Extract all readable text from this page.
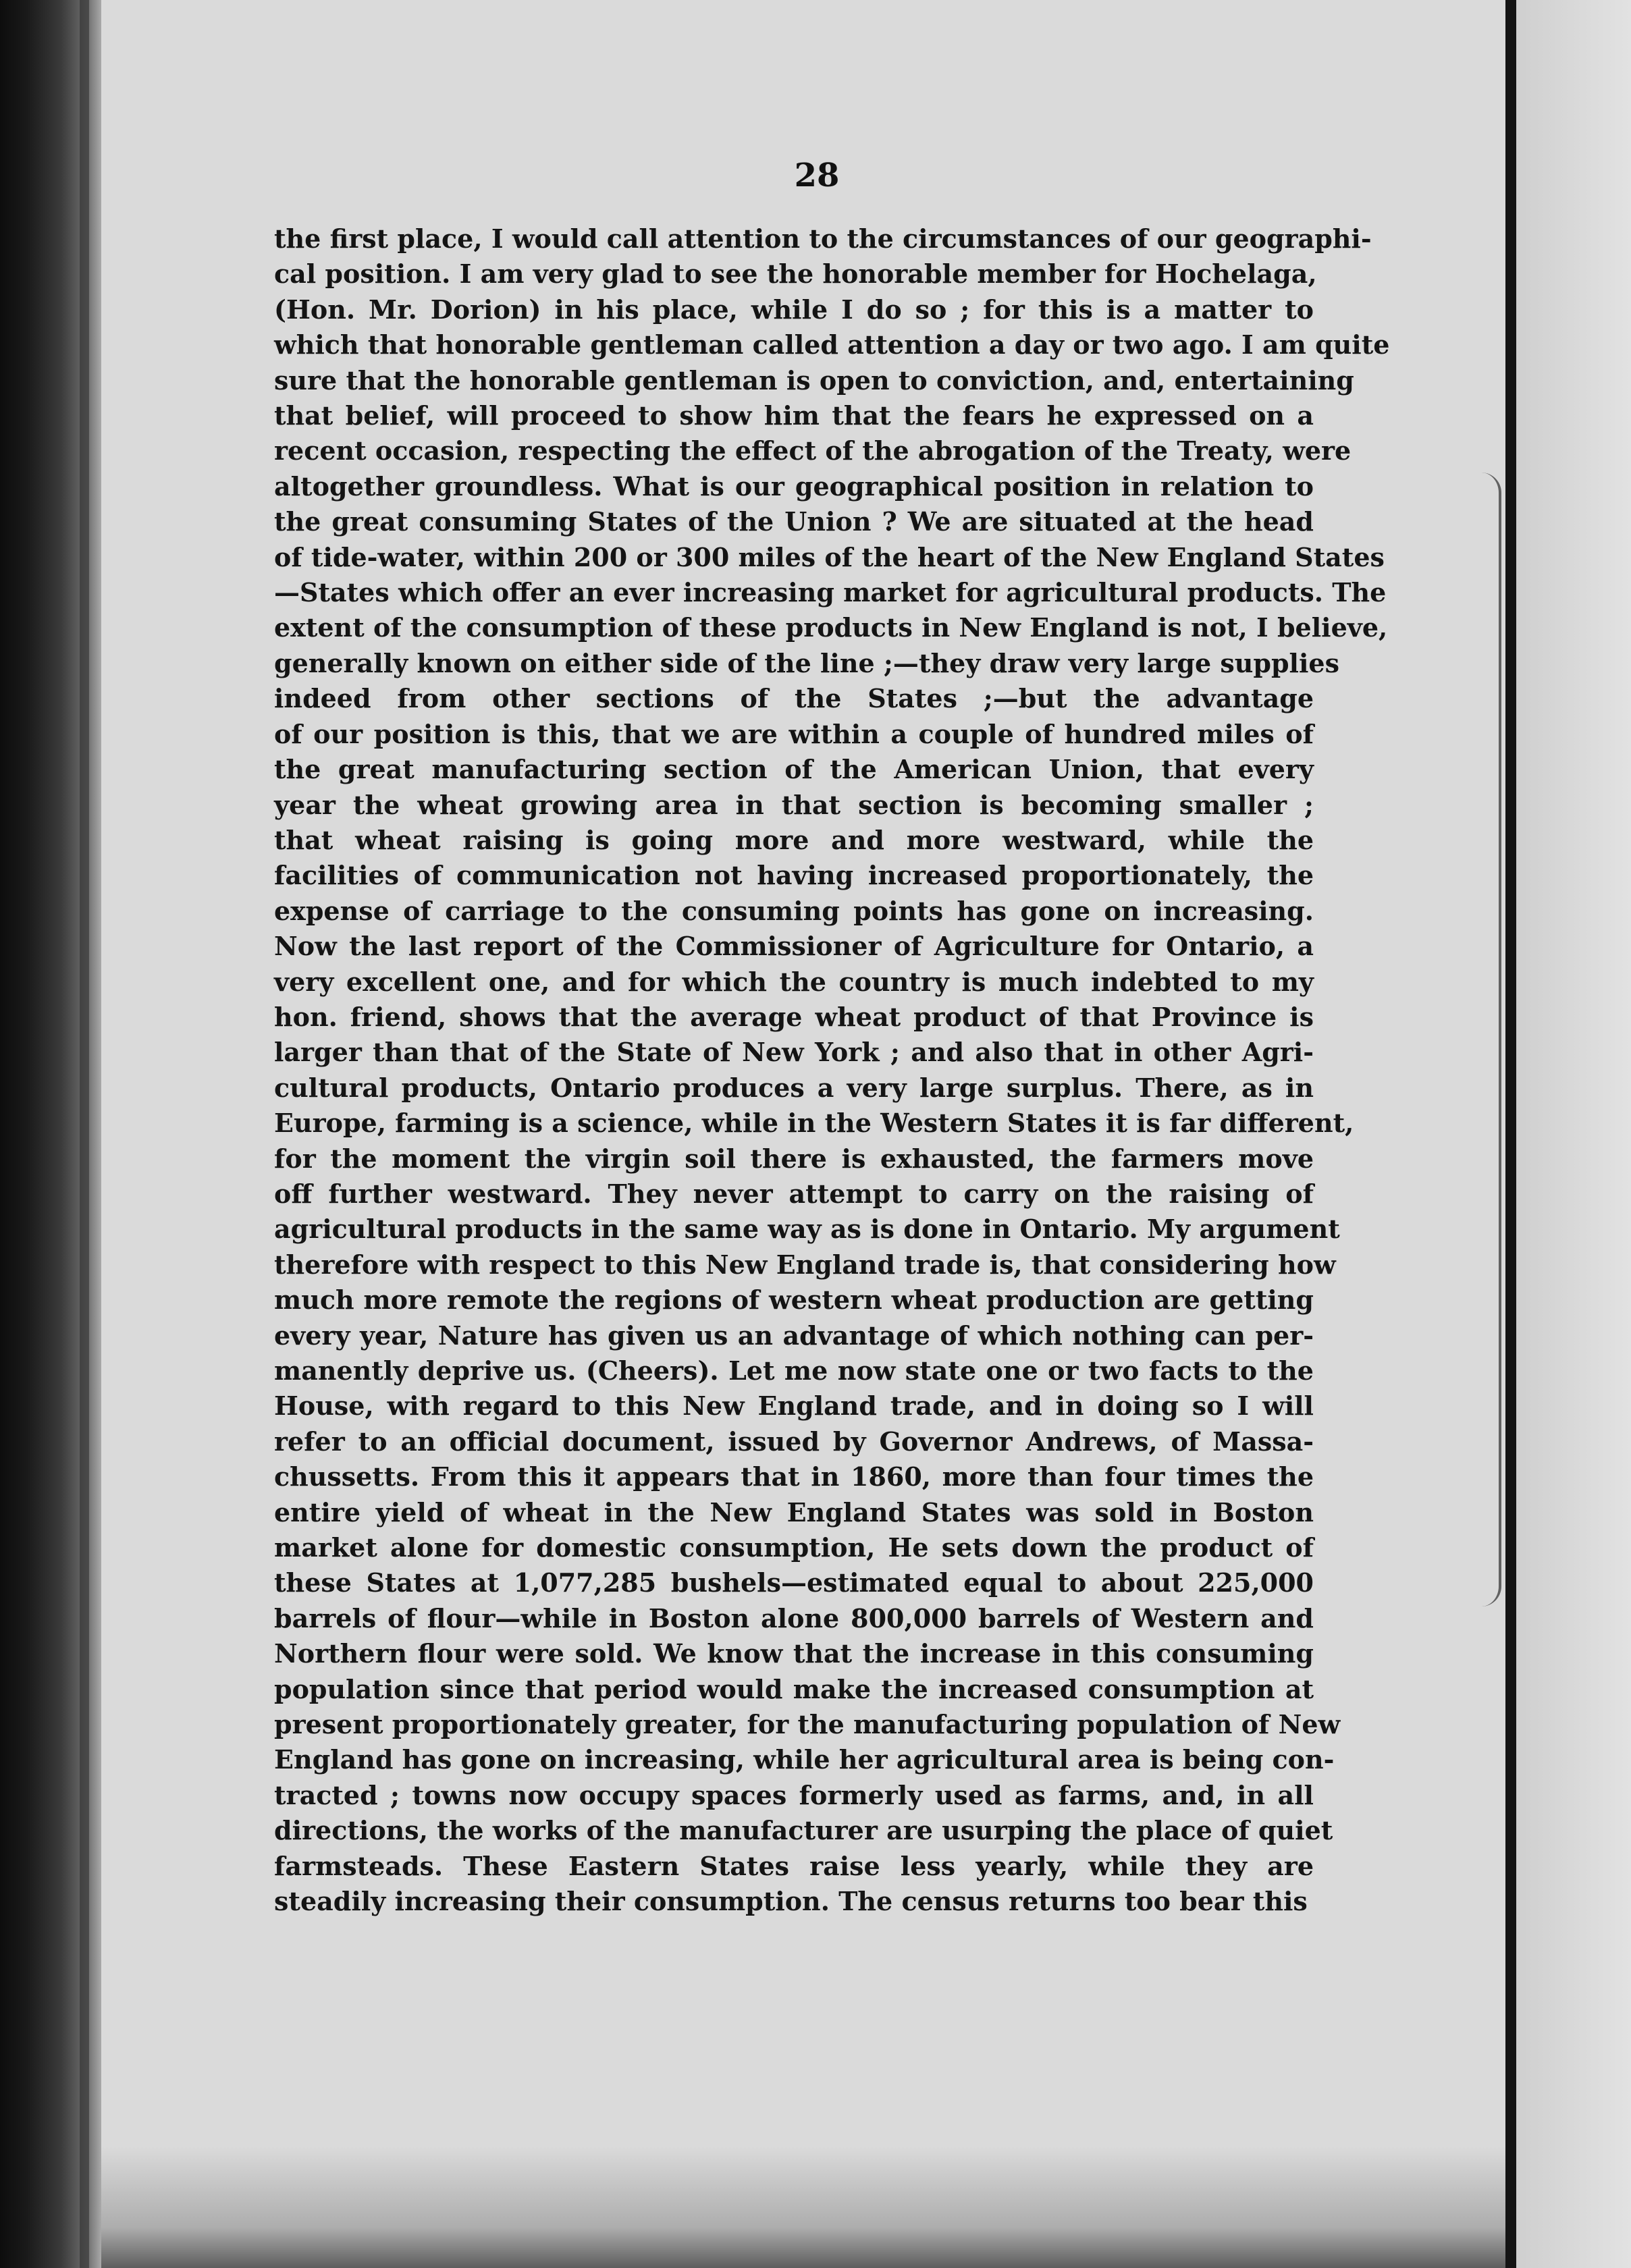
28
the first place, I would call attention to the circumstances of our geographi-
cal position. I am very glad to see the honorable member for Hochelaga,
(Hon. Mr. Dorion) in his place, while I do so ; for this is a matter to
which that honorable gentleman called attention a day or two ago. I am quite
sure that the honorable gentleman is open to conviction, and, entertaining
that belief, will proceed to show him that the fears he expressed on a
recent occasion, respecting the effect of the abrogation of the Treaty, were
altogether groundless. What is our geographical position in relation to
the great consuming States of the Union ? We are situated at the head
of tide-water, within 200 or 300 miles of the heart of the New England States
—States which offer an ever increasing market for agricultural products. The
extent of the consumption of these products in New England is not, I believe,
generally known on either side of the line ;—they draw very large supplies
indeed from other sections of the States ;—but the advantage
of our position is this, that we are within a couple of hundred miles of
the great manufacturing section of the American Union, that every
year the wheat growing area in that section is becoming smaller ;
that wheat raising is going more and more westward, while the
facilities of communication not having increased proportionately, the
expense of carriage to the consuming points has gone on increasing.
Now the last report of the Commissioner of Agriculture for Ontario, a
very excellent one, and for which the country is much indebted to my
hon. friend, shows that the average wheat product of that Province is
larger than that of the State of New York ; and also that in other Agri-
cultural products, Ontario produces a very large surplus. There, as in
Europe, farming is a science, while in the Western States it is far different,
for the moment the virgin soil there is exhausted, the farmers move
off further westward. They never attempt to carry on the raising of
agricultural products in the same way as is done in Ontario. My argument
therefore with respect to this New England trade is, that considering how
much more remote the regions of western wheat production are getting
every year, Nature has given us an advantage of which nothing can per-
manently deprive us. (Cheers). Let me now state one or two facts to the
House, with regard to this New England trade, and in doing so I will
refer to an official document, issued by Governor Andrews, of Massa-
chussetts. From this it appears that in 1860, more than four times the
entire yield of wheat in the New England States was sold in Boston
market alone for domestic consumption, He sets down the product of
these States at 1,077,285 bushels—estimated equal to about 225,000
barrels of flour—while in Boston alone 800,000 barrels of Western and
Northern flour were sold. We know that the increase in this consuming
population since that period would make the increased consumption at
present proportionately greater, for the manufacturing population of New
England has gone on increasing, while her agricultural area is being con-
tracted ; towns now occupy spaces formerly used as farms, and, in all
directions, the works of the manufacturer are usurping the place of quiet
farmsteads. These Eastern States raise less yearly, while they are
steadily increasing their consumption. The census returns too bear this
